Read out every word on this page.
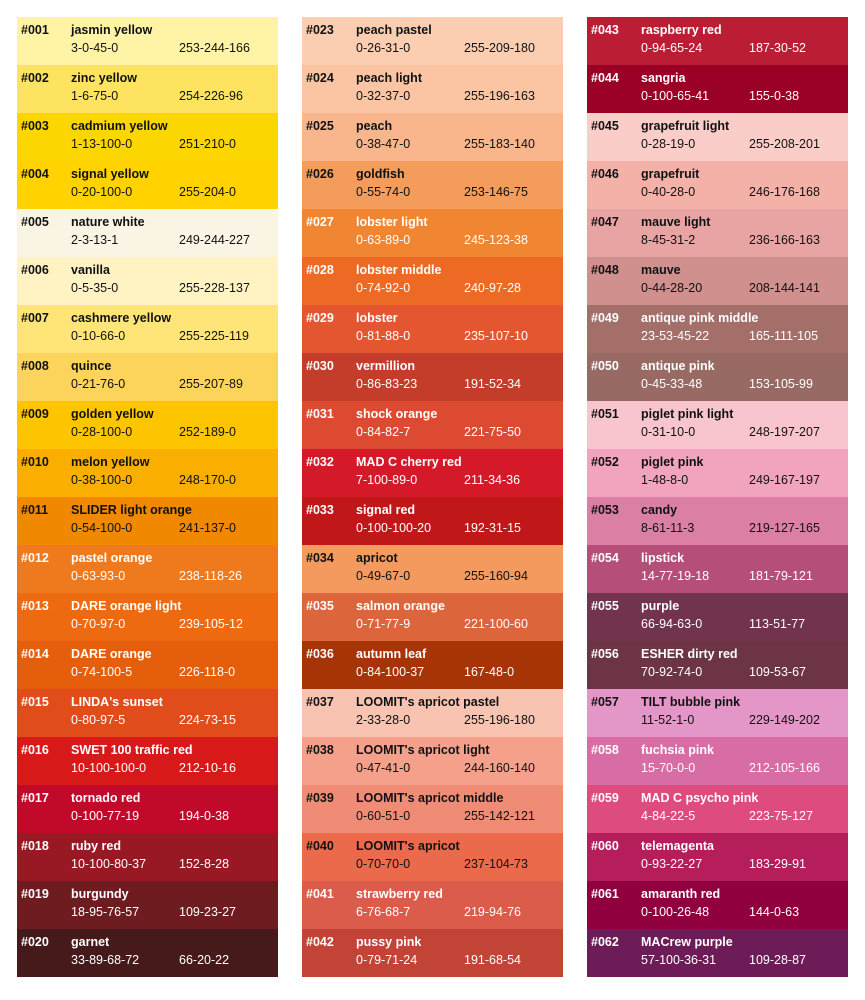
#001 jasmin yellow
3-0-45-0	253-244-166
#002 zinc yellow
1-6-75-0	254-226-96
#003 cadmium yellow
1-13-100-0	251-210-0
#004 signal yellow
0-20-100-0	255-204-0
#005 nature white
2-3-13-1	249-244-227
#006 vanilla
0-5-35-0	255-228-137
#007 cashmere yellow
0-10-66-0	255-225-119
#008 quince
0-21-76-0	255-207-89
#009 golden yellow
0-28-100-0	252-189-0
#010 melon yellow
0-38-100-0	248-170-0
#011 SLIDER light orange
0-54-100-0	241-137-0
#012 pastel orange
0-63-93-0	238-118-26
#013 DARE orange light
0-70-97-0	239-105-12
#014 DARE orange
0-74-100-5	226-118-0
#015 LINDA's sunset
0-80-97-5	224-73-15
#016 SWET 100 traffic red
10-100-100-0	212-10-16
#017 tornado red
0-100-77-19	194-0-38
#018 ruby red
10-100-80-37	152-8-28
#019 burgundy
18-95-76-57	109-23-27
#020 garnet
33-89-68-72	66-20-22
#023 peach pastel
0-26-31-0	255-209-180
#024 peach light
0-32-37-0	255-196-163
#025 peach
0-38-47-0	255-183-140
#026 goldfish
0-55-74-0	253-146-75
#027 lobster light
0-63-89-0	245-123-38
#028 lobster middle
0-74-92-0	240-97-28
#029 lobster
0-81-88-0	235-107-10
#030 vermillion
0-86-83-23	191-52-34
#031 shock orange
0-84-82-7	221-75-50
#032 MAD C cherry red
7-100-89-0	211-34-36
#033 signal red
0-100-100-20	192-31-15
#034 apricot
0-49-67-0	255-160-94
#035 salmon orange
0-71-77-9	221-100-60
#036 autumn leaf
0-84-100-37	167-48-0
#037 LOOMIT's apricot pastel
2-33-28-0	255-196-180
#038 LOOMIT's apricot light
0-47-41-0	244-160-140
#039 LOOMIT's apricot middle
0-60-51-0	255-142-121
#040 LOOMIT's apricot
0-70-70-0	237-104-73
#041 strawberry red
6-76-68-7	219-94-76
#042 pussy pink
0-79-71-24	191-68-54
#043 raspberry red
0-94-65-24	187-30-52
#044 sangria
0-100-65-41	155-0-38
#045 grapefruit light
0-28-19-0	255-208-201
#046 grapefruit
0-40-28-0	246-176-168
#047 mauve light
8-45-31-2	236-166-163
#048 mauve
0-44-28-20	208-144-141
#049 antique pink middle
23-53-45-22	165-111-105
#050 antique pink
0-45-33-48	153-105-99
#051 piglet pink light
0-31-10-0	248-197-207
#052 piglet pink
1-48-8-0	249-167-197
#053 candy
8-61-11-3	219-127-165
#054 lipstick
14-77-19-18	181-79-121
#055 purple
66-94-63-0	113-51-77
#056 ESHER dirty red
70-92-74-0	109-53-67
#057 TILT bubble pink
11-52-1-0	229-149-202
#058 fuchsia pink
15-70-0-0	212-105-166
#059 MAD C psycho pink
4-84-22-5	223-75-127
#060 telemagenta
0-93-22-27	183-29-91
#061 amaranth red
0-100-26-48	144-0-63
#062 MACrew purple
57-100-36-31	109-28-87
